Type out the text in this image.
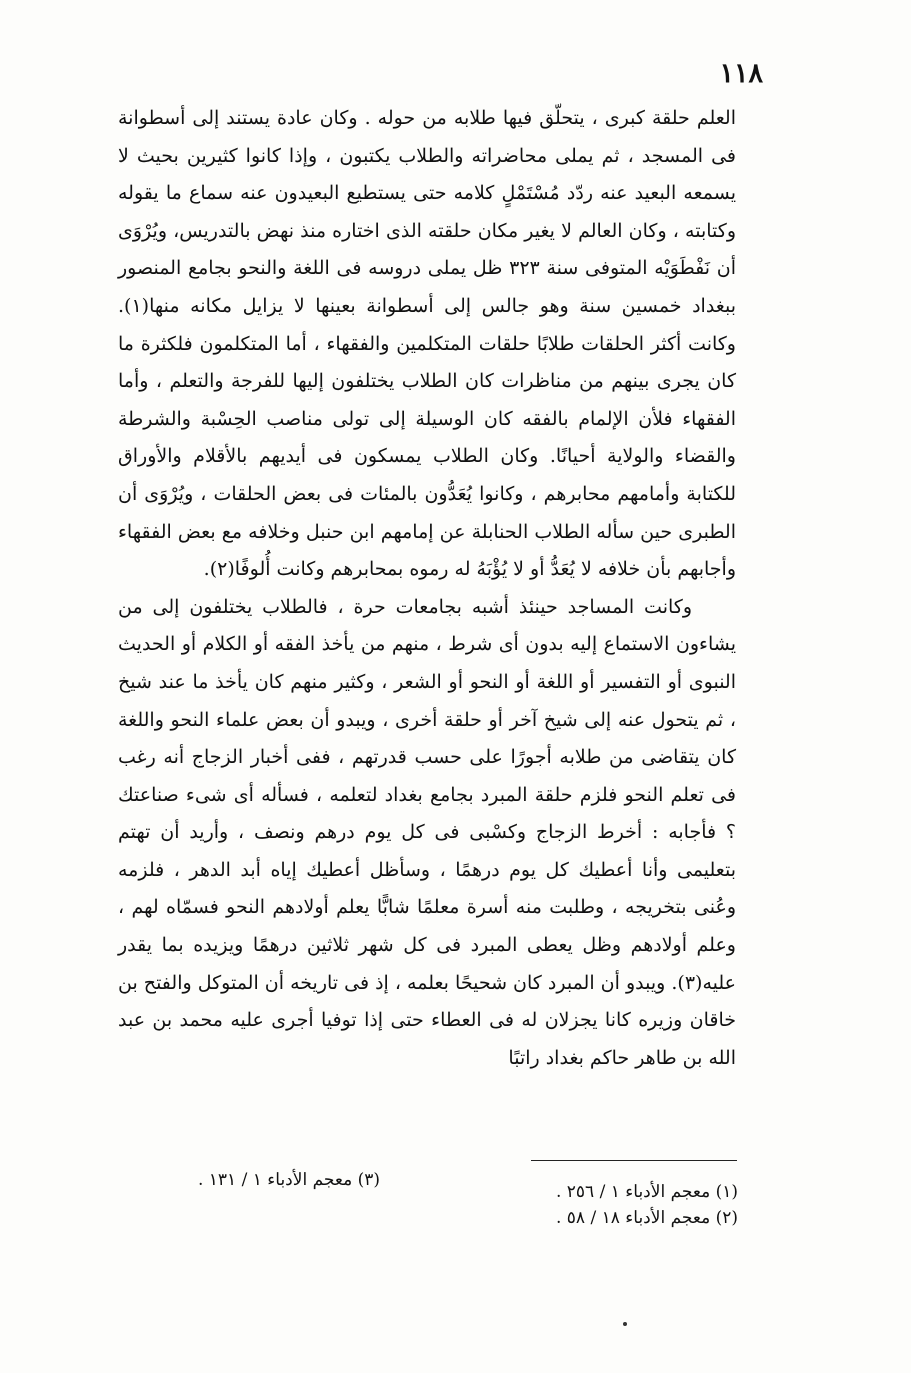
١١٨

العلم حلقة كبرى ، يتحلّق فيها طلابه من حوله . وكان عادة يستند إلى أسطوانة فى المسجد ، ثم يملى محاضراته والطلاب يكتبون ، وإذا كانوا كثيرين بحيث لا يسمعه البعيد عنه ردّد مُسْتَمْلٍ كلامه حتى يستطيع البعيدون عنه سماع ما يقوله وكتابته ، وكان العالم لا يغير مكان حلقته الذى اختاره منذ نهض بالتدريس، ويُرْوَى أن نَفْطَوَيْه المتوفى سنة ٣٢٣ ظل يملى دروسه فى اللغة والنحو بجامع المنصور ببغداد خمسين سنة وهو جالس إلى أسطوانة بعينها لا يزايل مكانه منها(١). وكانت أكثر الحلقات طلابًا حلقات المتكلمين والفقهاء ، أما المتكلمون فلكثرة ما كان يجرى بينهم من مناظرات كان الطلاب يختلفون إليها للفرجة والتعلم ، وأما الفقهاء فلأن الإلمام بالفقه كان الوسيلة إلى تولى مناصب الحِسْبة والشرطة والقضاء والولاية أحيانًا. وكان الطلاب يمسكون فى أيديهم بالأقلام والأوراق للكتابة وأمامهم محابرهم ، وكانوا يُعَدُّون بالمئات فى بعض الحلقات ، ويُرْوَى أن الطبرى حين سأله الطلاب الحنابلة عن إمامهم ابن حنبل وخلافه مع بعض الفقهاء وأجابهم بأن خلافه لا يُعَدُّ أو لا يُؤْبَهُ له رموه بمحابرهم وكانت أُلوفًا(٢).

وكانت المساجد حينئذ أشبه بجامعات حرة ، فالطلاب يختلفون إلى من يشاءون الاستماع إليه بدون أى شرط ، منهم من يأخذ الفقه أو الكلام أو الحديث النبوى أو التفسير أو اللغة أو النحو أو الشعر ، وكثير منهم كان يأخذ ما عند شيخ ، ثم يتحول عنه إلى شيخ آخر أو حلقة أخرى ، ويبدو أن بعض علماء النحو واللغة كان يتقاضى من طلابه أجورًا على حسب قدرتهم ، ففى أخبار الزجاج أنه رغب فى تعلم النحو فلزم حلقة المبرد بجامع بغداد لتعلمه ، فسأله أى شىء صناعتك ؟ فأجابه : أخرط الزجاج وكسْبى فى كل يوم درهم ونصف ، وأريد أن تهتم بتعليمى وأنا أعطيك كل يوم درهمًا ، وسأظل أعطيك إياه أبد الدهر ، فلزمه وعُنى بتخريجه ، وطلبت منه أسرة معلمًا شابًّا يعلم أولادهم النحو فسمّاه لهم ، وعلم أولادهم وظل يعطى المبرد فى كل شهر ثلاثين درهمًا ويزيده بما يقدر عليه(٣). ويبدو أن المبرد كان شحيحًا بعلمه ، إذ فى تاريخه أن المتوكل والفتح بن خاقان وزيره كانا يجزلان له فى العطاء حتى إذا توفيا أجرى عليه محمد بن عبد الله بن طاهر حاكم بغداد راتبًا

(١) معجم الأدباء ١ / ٢٥٦ .
(٢) معجم الأدباء ١٨ / ٥٨ .
(٣) معجم الأدباء ١ / ١٣١ .
